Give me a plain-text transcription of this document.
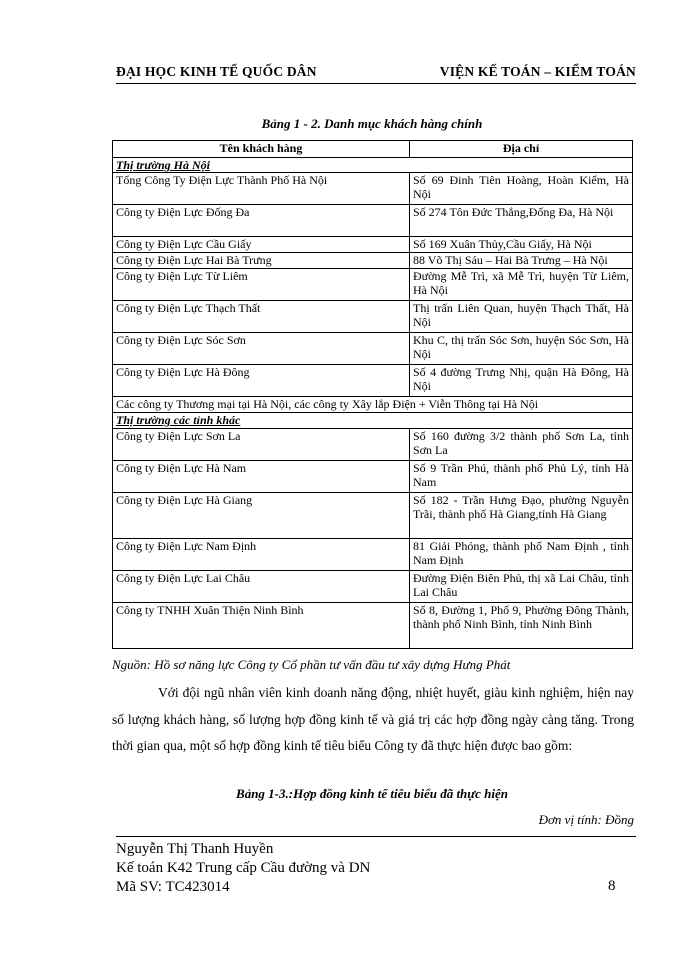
ĐẠI HỌC KINH TẾ QUỐC DÂN	VIỆN KẾ TOÁN – KIỂM TOÁN
Bảng 1 - 2. Danh mục khách hàng chính
Tên khách hàng	Địa chỉ
Thị trường Hà Nội	
Tổng Công Ty Điện Lực Thành Phố Hà Nội	Số 69 Đinh Tiên Hoàng, Hoàn Kiếm, Hà Nội
Công ty Điện Lực Đống Đa	Số 274 Tôn Đức Thắng,Đống Đa, Hà Nội
Công ty Điện Lực Cầu Giấy	Số 169 Xuân Thủy,Cầu Giấy, Hà Nội
Công ty Điện Lực Hai Bà Trưng	88 Võ Thị Sáu – Hai Bà Trưng – Hà Nội
Công ty Điện Lực Từ Liêm	Đường Mễ Trì, xã Mễ Trì, huyện Từ Liêm, Hà Nội
Công ty Điện Lực Thạch Thất	Thị trấn Liên Quan, huyện Thạch Thất, Hà Nội
Công ty Điện Lực Sóc Sơn	Khu C, thị trấn Sóc Sơn, huyện Sóc Sơn, Hà Nội
Công ty Điện Lực Hà Đông	Số 4 đường Trưng Nhị, quận Hà Đông, Hà Nội
Các công ty Thương mại tại Hà Nội, các công ty Xây lắp Điện + Viễn Thông tại Hà Nội	
Thị trường các tỉnh khác	
Công ty Điện Lực Sơn La	Số 160 đường 3/2 thành phố Sơn La, tỉnh Sơn La
Công ty Điện Lực Hà Nam	Số 9 Trần Phú, thành phố Phủ Lý, tỉnh Hà Nam
Công ty Điện Lực Hà Giang	Số 182 - Trần Hưng Đạo, phường Nguyễn Trãi, thành phố Hà Giang,tỉnh Hà Giang
Công ty Điện Lực Nam Định	81 Giải Phóng, thành phố Nam Định , tỉnh Nam Định
Công ty Điện Lực Lai Châu	Đường Điện Biên Phủ, thị xã Lai Châu, tỉnh Lai Châu
Công ty TNHH Xuân Thiện Ninh Bình	Số 8, Đường 1, Phố 9, Phường Đông Thành, thành phố Ninh Bình, tỉnh Ninh Bình
Nguồn: Hồ sơ năng lực Công ty Cổ phần tư vấn đầu tư xây dựng Hưng Phát
Với đội ngũ nhân viên kinh doanh năng động, nhiệt huyết, giàu kinh nghiệm, hiện nay số lượng khách hàng, số lượng hợp đồng kinh tế và giá trị các hợp đồng ngày càng tăng. Trong thời gian qua, một số hợp đồng kinh tế tiêu biểu Công ty đã thực hiện được bao gồm:
Bảng 1-3.:Hợp đồng kinh tế tiêu biểu đã thực hiện
Đơn vị tính: Đồng
Nguyễn Thị Thanh Huyền
Kế toán K42 Trung cấp Cầu đường và DN
Mã SV: TC423014	8
